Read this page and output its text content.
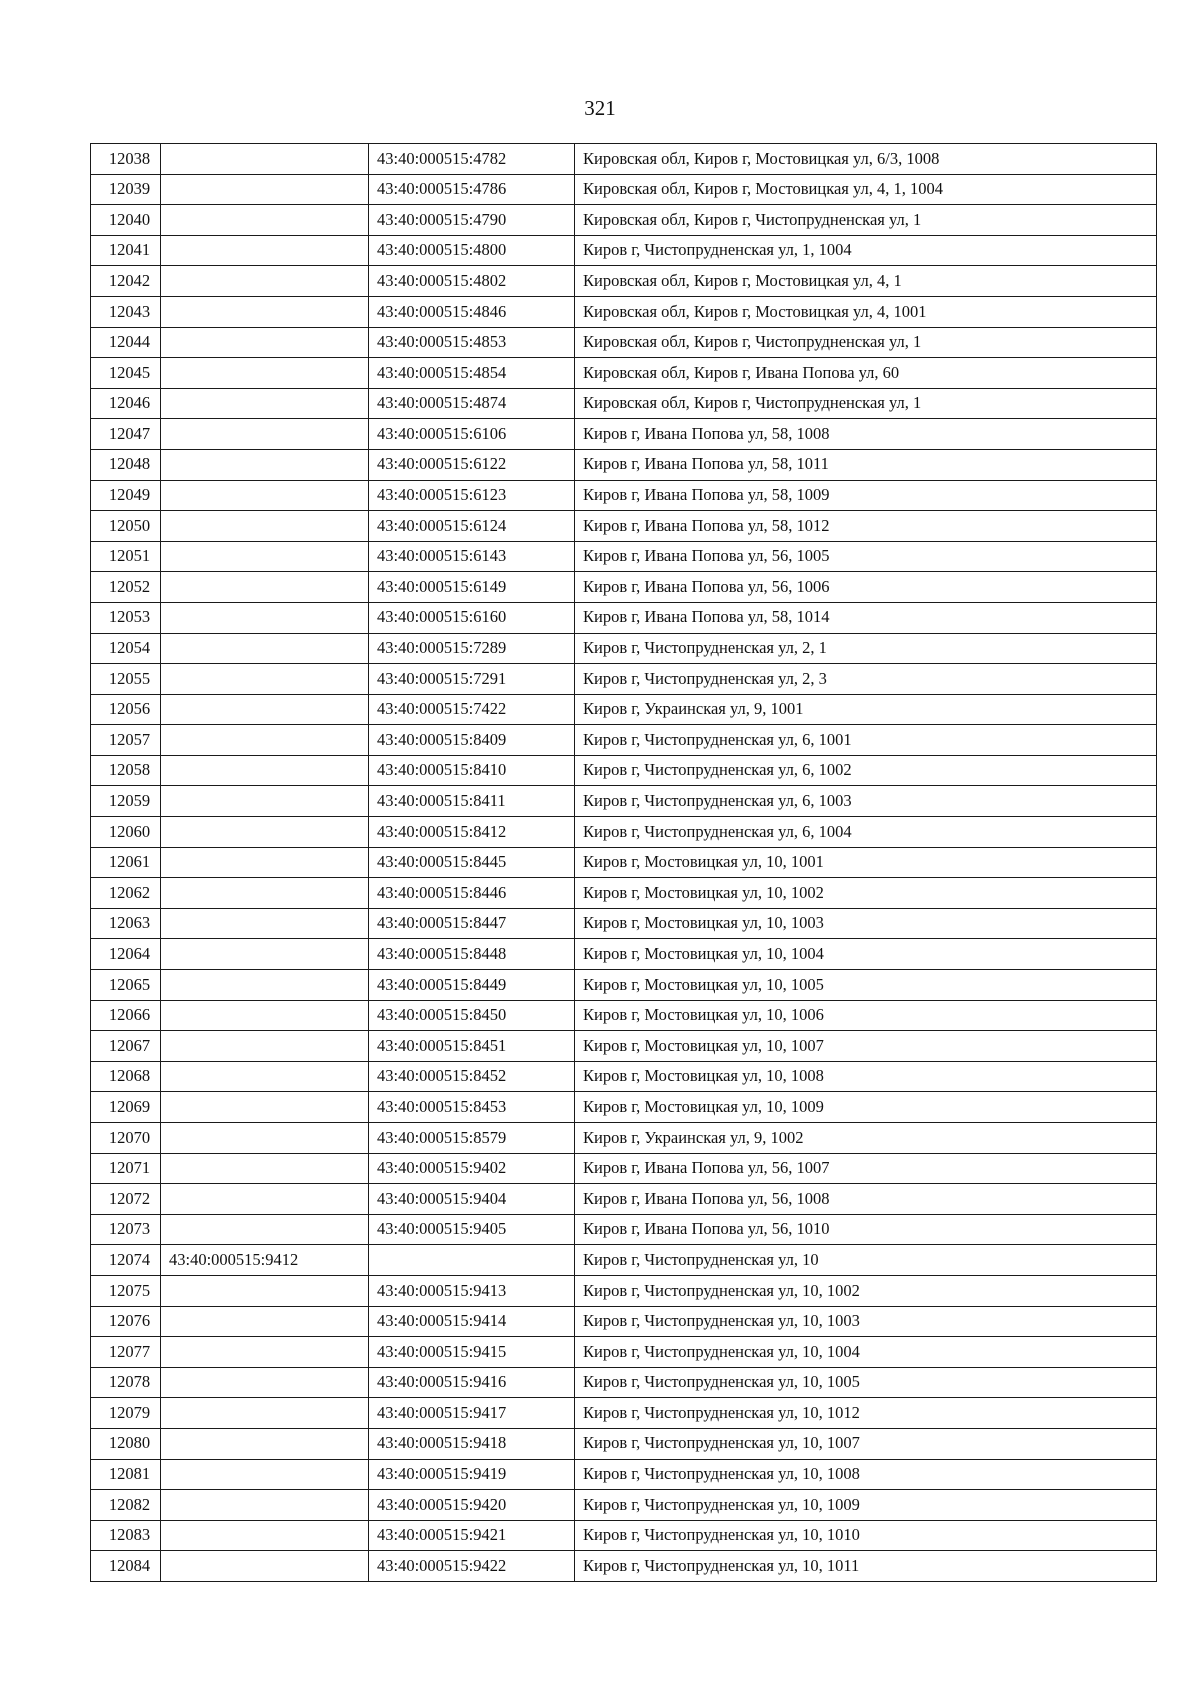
321
12038		43:40:000515:4782	Кировская обл, Киров г, Мостовицкая ул, 6/3, 1008
12039		43:40:000515:4786	Кировская обл, Киров г, Мостовицкая ул, 4, 1, 1004
12040		43:40:000515:4790	Кировская обл, Киров г, Чистопрудненская ул, 1
12041		43:40:000515:4800	Киров г, Чистопрудненская ул, 1, 1004
12042		43:40:000515:4802	Кировская обл, Киров г, Мостовицкая ул, 4, 1
12043		43:40:000515:4846	Кировская обл, Киров г, Мостовицкая ул, 4, 1001
12044		43:40:000515:4853	Кировская обл, Киров г, Чистопрудненская ул, 1
12045		43:40:000515:4854	Кировская обл, Киров г, Ивана Попова ул, 60
12046		43:40:000515:4874	Кировская обл, Киров г, Чистопрудненская ул, 1
12047		43:40:000515:6106	Киров г, Ивана Попова ул, 58, 1008
12048		43:40:000515:6122	Киров г, Ивана Попова ул, 58, 1011
12049		43:40:000515:6123	Киров г, Ивана Попова ул, 58, 1009
12050		43:40:000515:6124	Киров г, Ивана Попова ул, 58, 1012
12051		43:40:000515:6143	Киров г, Ивана Попова ул, 56, 1005
12052		43:40:000515:6149	Киров г, Ивана Попова ул, 56, 1006
12053		43:40:000515:6160	Киров г, Ивана Попова ул, 58, 1014
12054		43:40:000515:7289	Киров г, Чистопрудненская ул, 2, 1
12055		43:40:000515:7291	Киров г, Чистопрудненская ул, 2, 3
12056		43:40:000515:7422	Киров г, Украинская ул, 9, 1001
12057		43:40:000515:8409	Киров г, Чистопрудненская ул, 6, 1001
12058		43:40:000515:8410	Киров г, Чистопрудненская ул, 6, 1002
12059		43:40:000515:8411	Киров г, Чистопрудненская ул, 6, 1003
12060		43:40:000515:8412	Киров г, Чистопрудненская ул, 6, 1004
12061		43:40:000515:8445	Киров г, Мостовицкая ул, 10, 1001
12062		43:40:000515:8446	Киров г, Мостовицкая ул, 10, 1002
12063		43:40:000515:8447	Киров г, Мостовицкая ул, 10, 1003
12064		43:40:000515:8448	Киров г, Мостовицкая ул, 10, 1004
12065		43:40:000515:8449	Киров г, Мостовицкая ул, 10, 1005
12066		43:40:000515:8450	Киров г, Мостовицкая ул, 10, 1006
12067		43:40:000515:8451	Киров г, Мостовицкая ул, 10, 1007
12068		43:40:000515:8452	Киров г, Мостовицкая ул, 10, 1008
12069		43:40:000515:8453	Киров г, Мостовицкая ул, 10, 1009
12070		43:40:000515:8579	Киров г, Украинская ул, 9, 1002
12071		43:40:000515:9402	Киров г, Ивана Попова ул, 56, 1007
12072		43:40:000515:9404	Киров г, Ивана Попова ул, 56, 1008
12073		43:40:000515:9405	Киров г, Ивана Попова ул, 56, 1010
12074	43:40:000515:9412		Киров г, Чистопрудненская ул, 10
12075		43:40:000515:9413	Киров г, Чистопрудненская ул, 10, 1002
12076		43:40:000515:9414	Киров г, Чистопрудненская ул, 10, 1003
12077		43:40:000515:9415	Киров г, Чистопрудненская ул, 10, 1004
12078		43:40:000515:9416	Киров г, Чистопрудненская ул, 10, 1005
12079		43:40:000515:9417	Киров г, Чистопрудненская ул, 10, 1012
12080		43:40:000515:9418	Киров г, Чистопрудненская ул, 10, 1007
12081		43:40:000515:9419	Киров г, Чистопрудненская ул, 10, 1008
12082		43:40:000515:9420	Киров г, Чистопрудненская ул, 10, 1009
12083		43:40:000515:9421	Киров г, Чистопрудненская ул, 10, 1010
12084		43:40:000515:9422	Киров г, Чистопрудненская ул, 10, 1011
